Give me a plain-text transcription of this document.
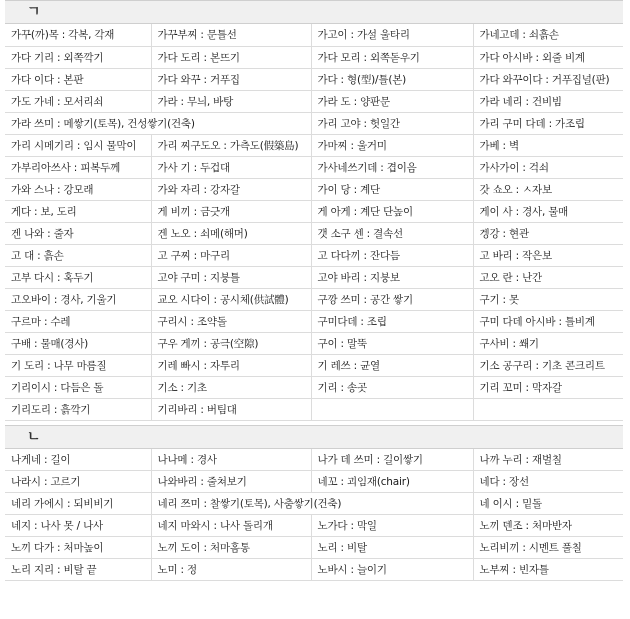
ㄱ
가꾸(까)목 : 각복, 각재	가꾸부찌 : 문틀선	가고이 : 가설 울타리	가네고데 : 쇠흙손
가다 기리 : 외쪽깍기	가다 도리 : 본뜨기	가다 모리 : 외쪽돋우기	가다 아시바 : 외줄 비계
가다 이다 : 본판	가다 와꾸 : 거푸집	가다 : 형(型)/틀(본)	가다 와꾸이다 : 거푸집널(판)
가도 가네 : 모서리쇠	가라 : 무늬, 바탕	가라 도 : 양판문	가라 네리 : 건비빔
가라 쓰미 : 메쌓기(토목), 건성쌓기(건축)		가리 고야 : 헛일간	가리 구미 다데 : 가조립
가리 시메기리 : 임시 물막이	가리 찌구도오 : 가측도(假築島)	가마찌 : 울거미	가베 : 벽
가부리아쓰사 : 피복두께	가사 기 : 두겁대	가사네쓰기데 : 겹이음	가사가이 : 걱쇠
가와 스나 : 강모래	가와 자리 : 강자갈	가이 당 : 계단	갓 쇼오 : ㅅ자보
게다 : 보, 도리	게 비끼 : 금긋개	게 아게 : 계단 단높이	게이 사 : 경사, 물매
겐 나와 : 줄자	겐 노오 : 쇠메(해머)	갯 소구 센 : 결속선	겡강 : 현관
고 대 : 흙손	고 구찌 : 마구리	고 다다끼 : 잔다듬	고 바리 : 작은보
고부 다시 : 혹두기	고야 구미 : 지붕틀	고야 바리 : 지붕보	고오 란 : 난간
고오바이 : 경사, 기울기	교오 시다이 : 공시체(供試體)	구깡 쓰미 : 공간 쌓기	구기 : 못
구르마 : 수레	구리시 : 조약돌	구미다데 : 조립	구미 다데 아시바 : 틀비계
구배 : 물매(경사)	구우 게끼 : 공극(空隙)	구이 : 말뚝	구사비 : 쐐기
기 도리 : 나무 마름질	기레 빠시 : 자투리	기 레쓰 : 균열	기소 공구리 : 기초 콘크리트
기리이시 : 다듬은 돌	기소 : 기초	기리 : 송곳	기리 꼬미 : 막자갈
기리도리 : 흙깍기	기리바리 : 버팀대		
ㄴ
나게네 : 길이	나나메 : 경사	나가 데 쓰미 : 길이쌓기	나까 누리 : 재벌칠
나라시 : 고르기	나와바리 : 줄쳐보기	네꼬 : 괴임재(chair)	네다 : 장선
네리 가에시 : 되비비기	네리 쯔미 : 찰쌓기(토목), 사춤쌓기(건축)		네 이시 : 밑돌
네지 : 나사 못 / 나사	네지 마와시 : 나사 돌리개	노가다 : 막일	노끼 덴조 : 처마반자
노끼 다가 : 처마높이	노끼 도이 : 처마홈통	노리 : 비탈	노리비끼 : 시멘트 풀칠
노리 지리 : 비탈 끝	노미 : 정	노바시 : 늘이기	노부찌 : 빈자틀
